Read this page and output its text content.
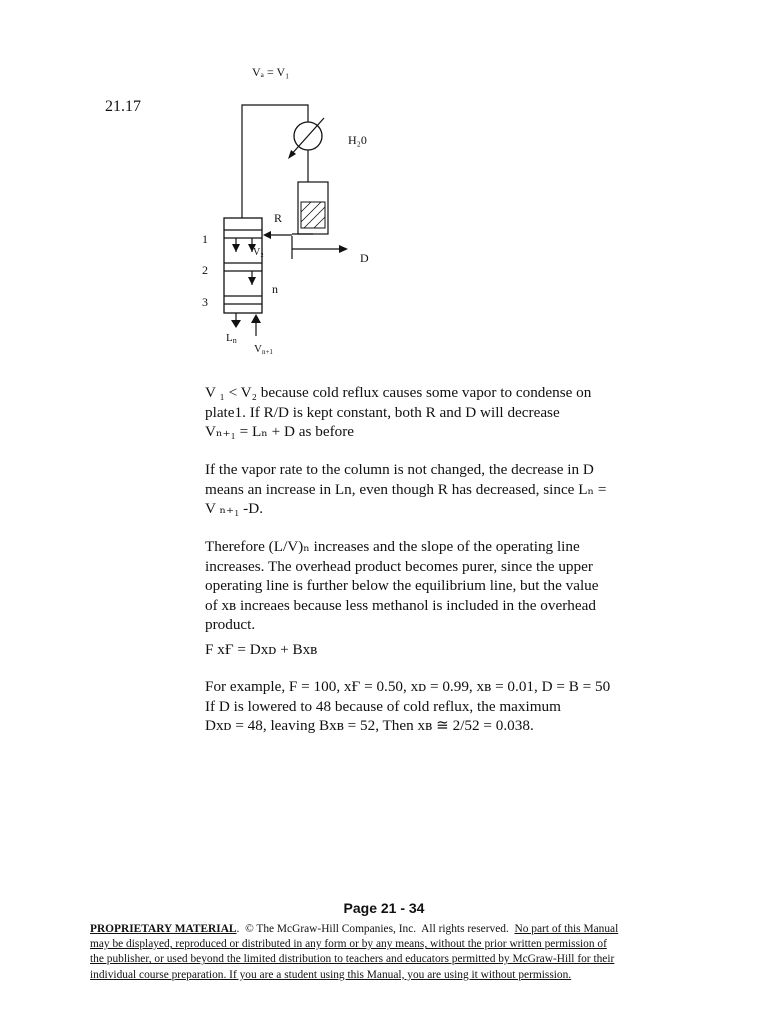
21.17
Vₐ = V₁
H₂0
R
D
V₂
1
2
3
n
Ln
Vn+1
V ₁ < V₂ because cold reflux causes some vapor to condense on
plate1. If R/D is kept constant, both R and D will decrease
Vₙ₊₁ = Lₙ + D as before
If the vapor rate to the column is not changed, the decrease in D
means an increase in Ln, even though R has decreased, since Lₙ =
V ₙ₊₁ -D.
Therefore (L/V)ₙ increases and the slope of the operating line
increases. The overhead product becomes purer, since the upper
operating line is further below the equilibrium line, but the value
of xʙ increaes because less methanol is included in the overhead
product.
F xҒ = Dxᴅ + Bxʙ
For example, F = 100, xҒ = 0.50, xᴅ = 0.99, xʙ = 0.01, D = B = 50
If D is lowered to 48 because of cold reflux, the maximum
Dxᴅ = 48, leaving Bxʙ = 52, Then xʙ ≅ 2/52 = 0.038.
Page 21 - 34
PROPRIETARY MATERIAL.  © The McGraw-Hill Companies, Inc.  All rights reserved.  No part of this Manual
may be displayed, reproduced or distributed in any form or by any means, without the prior written permission of
the publisher, or used beyond the limited distribution to teachers and educators permitted by McGraw-Hill for their
individual course preparation. If you are a student using this Manual, you are using it without permission.
